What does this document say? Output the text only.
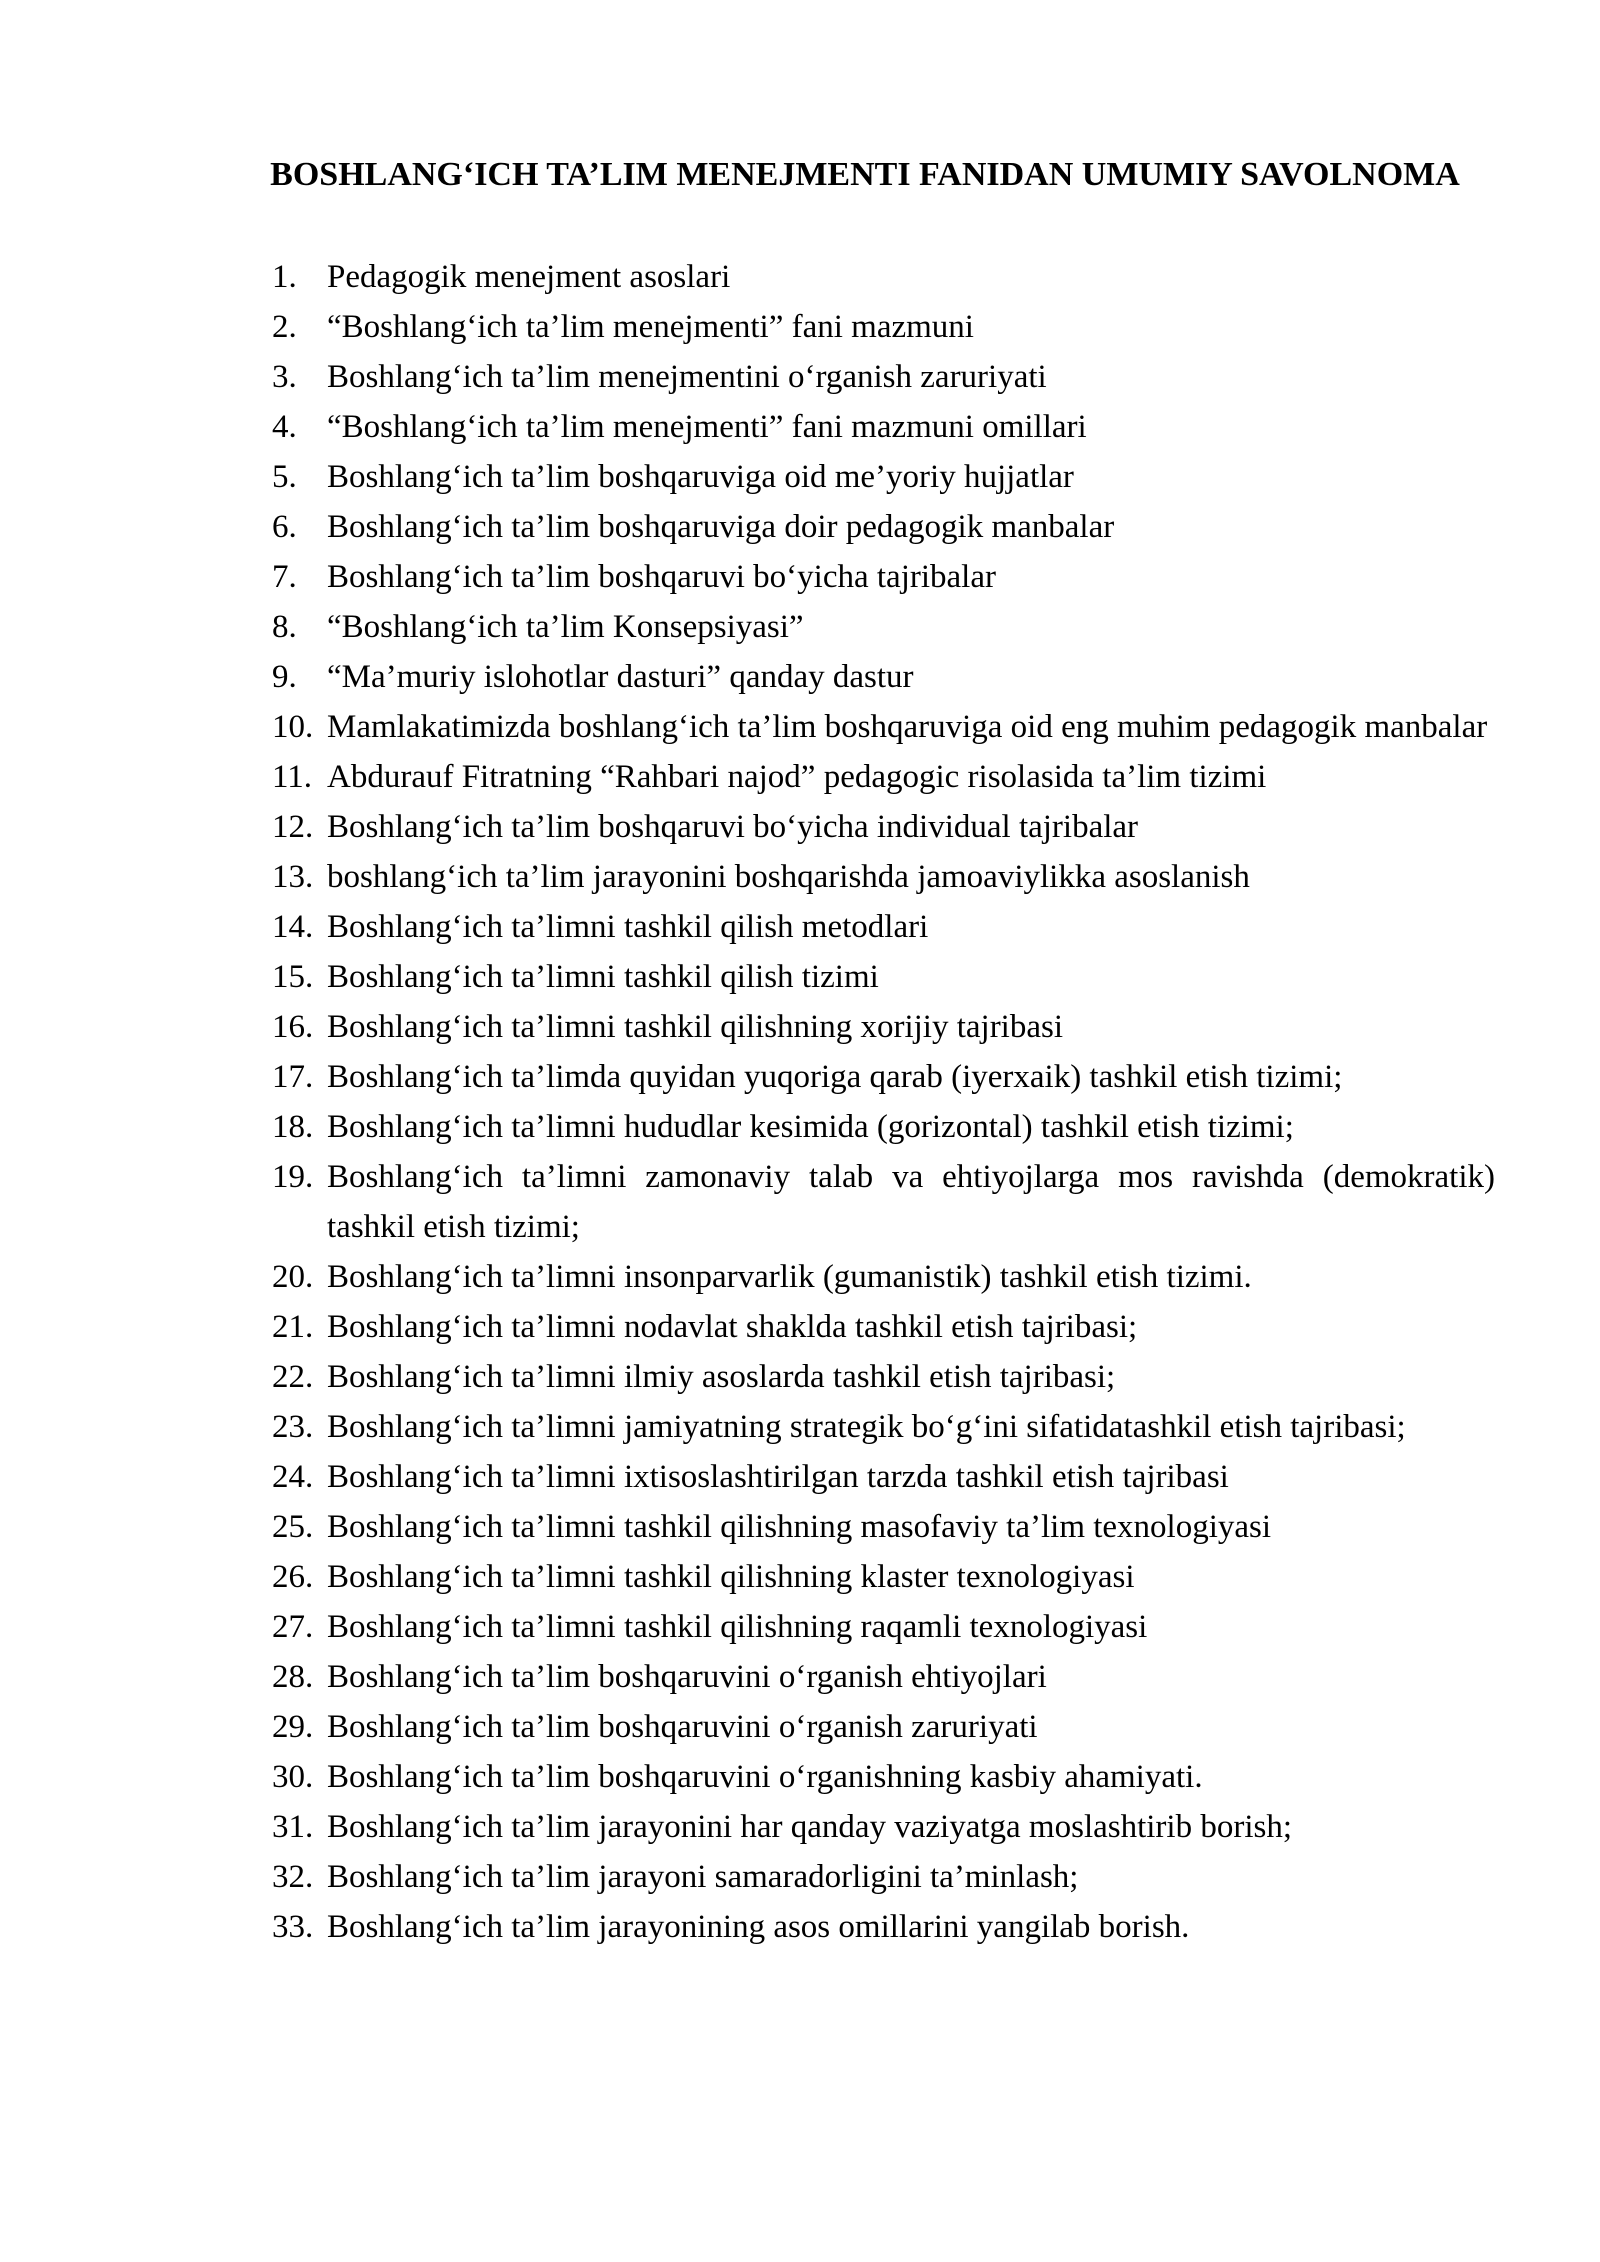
BOSHLANG‘ICH TA’LIM MENEJMENTI FANIDAN UMUMIY SAVOLNOMA
1. Pedagogik menejment asoslari
2. “Boshlang‘ich ta’lim menejmenti” fani mazmuni
3. Boshlang‘ich ta’lim menejmentini o‘rganish zaruriyati
4. “Boshlang‘ich ta’lim menejmenti” fani mazmuni omillari
5. Boshlang‘ich ta’lim boshqaruviga oid me’yoriy hujjatlar
6. Boshlang‘ich ta’lim boshqaruviga doir pedagogik manbalar
7. Boshlang‘ich ta’lim boshqaruvi bo‘yicha tajribalar
8. “Boshlang‘ich ta’lim Konsepsiyasi”
9. “Ma’muriy islohotlar dasturi” qanday dastur
10. Mamlakatimizda boshlang‘ich ta’lim boshqaruviga oid eng muhim pedagogik manbalar
11. Abdurauf Fitratning “Rahbari najod” pedagogic risolasida ta’lim tizimi
12. Boshlang‘ich ta’lim boshqaruvi bo‘yicha individual tajribalar
13. boshlang‘ich ta’lim jarayonini boshqarishda jamoaviylikka asoslanish
14. Boshlang‘ich ta’limni tashkil qilish metodlari
15. Boshlang‘ich ta’limni tashkil qilish tizimi
16. Boshlang‘ich ta’limni tashkil qilishning xorijiy tajribasi
17. Boshlang‘ich ta’limda quyidan yuqoriga qarab (iyerxaik) tashkil etish tizimi;
18. Boshlang‘ich ta’limni hududlar kesimida (gorizontal) tashkil etish tizimi;
19. Boshlang‘ich ta’limni zamonaviy talab va ehtiyojlarga mos ravishda (demokratik) tashkil etish tizimi;
20. Boshlang‘ich ta’limni insonparvarlik (gumanistik) tashkil etish tizimi.
21. Boshlang‘ich ta’limni nodavlat shaklda tashkil etish tajribasi;
22. Boshlang‘ich ta’limni ilmiy asoslarda tashkil etish tajribasi;
23. Boshlang‘ich ta’limni jamiyatning strategik bo‘g‘ini sifatidatashkil etish tajribasi;
24. Boshlang‘ich ta’limni ixtisoslashtirilgan tarzda tashkil etish tajribasi
25. Boshlang‘ich ta’limni tashkil qilishning masofaviy ta’lim texnologiyasi
26. Boshlang‘ich ta’limni tashkil qilishning klaster texnologiyasi
27. Boshlang‘ich ta’limni tashkil qilishning raqamli texnologiyasi
28. Boshlang‘ich ta’lim boshqaruvini o‘rganish ehtiyojlari
29. Boshlang‘ich ta’lim boshqaruvini o‘rganish zaruriyati
30. Boshlang‘ich ta’lim boshqaruvini o‘rganishning kasbiy ahamiyati.
31. Boshlang‘ich ta’lim jarayonini har qanday vaziyatga moslashtirib borish;
32. Boshlang‘ich ta’lim jarayoni samaradorligini ta’minlash;
33. Boshlang‘ich ta’lim jarayonining asos omillarini yangilab borish.
